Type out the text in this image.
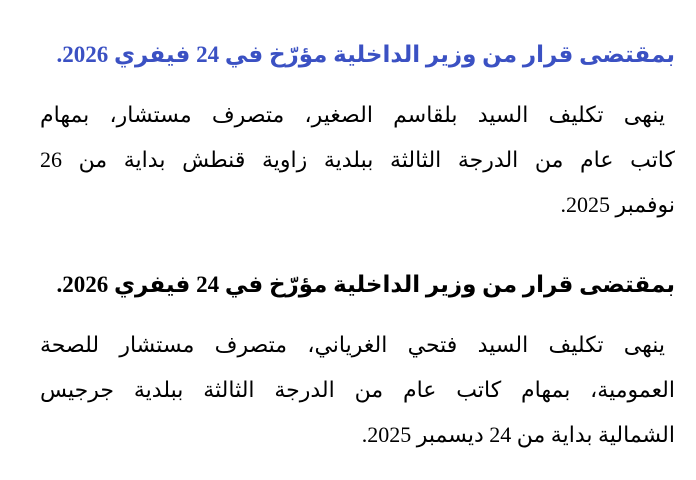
بمقتضى قرار من وزير الداخلية مؤرّخ في 24 فيفري 2026.
ينهى تكليف السيد بلقاسم الصغير، متصرف مستشار، بمهام
كاتب عام من الدرجة الثالثة ببلدية زاوية قنطش بداية من 26
نوفمبر 2025.
بمقتضى قرار من وزير الداخلية مؤرّخ في 24 فيفري 2026.
ينهى تكليف السيد فتحي الغرياني، متصرف مستشار للصحة
العمومية، بمهام كاتب عام من الدرجة الثالثة ببلدية جرجيس
الشمالية بداية من 24 ديسمبر 2025.
